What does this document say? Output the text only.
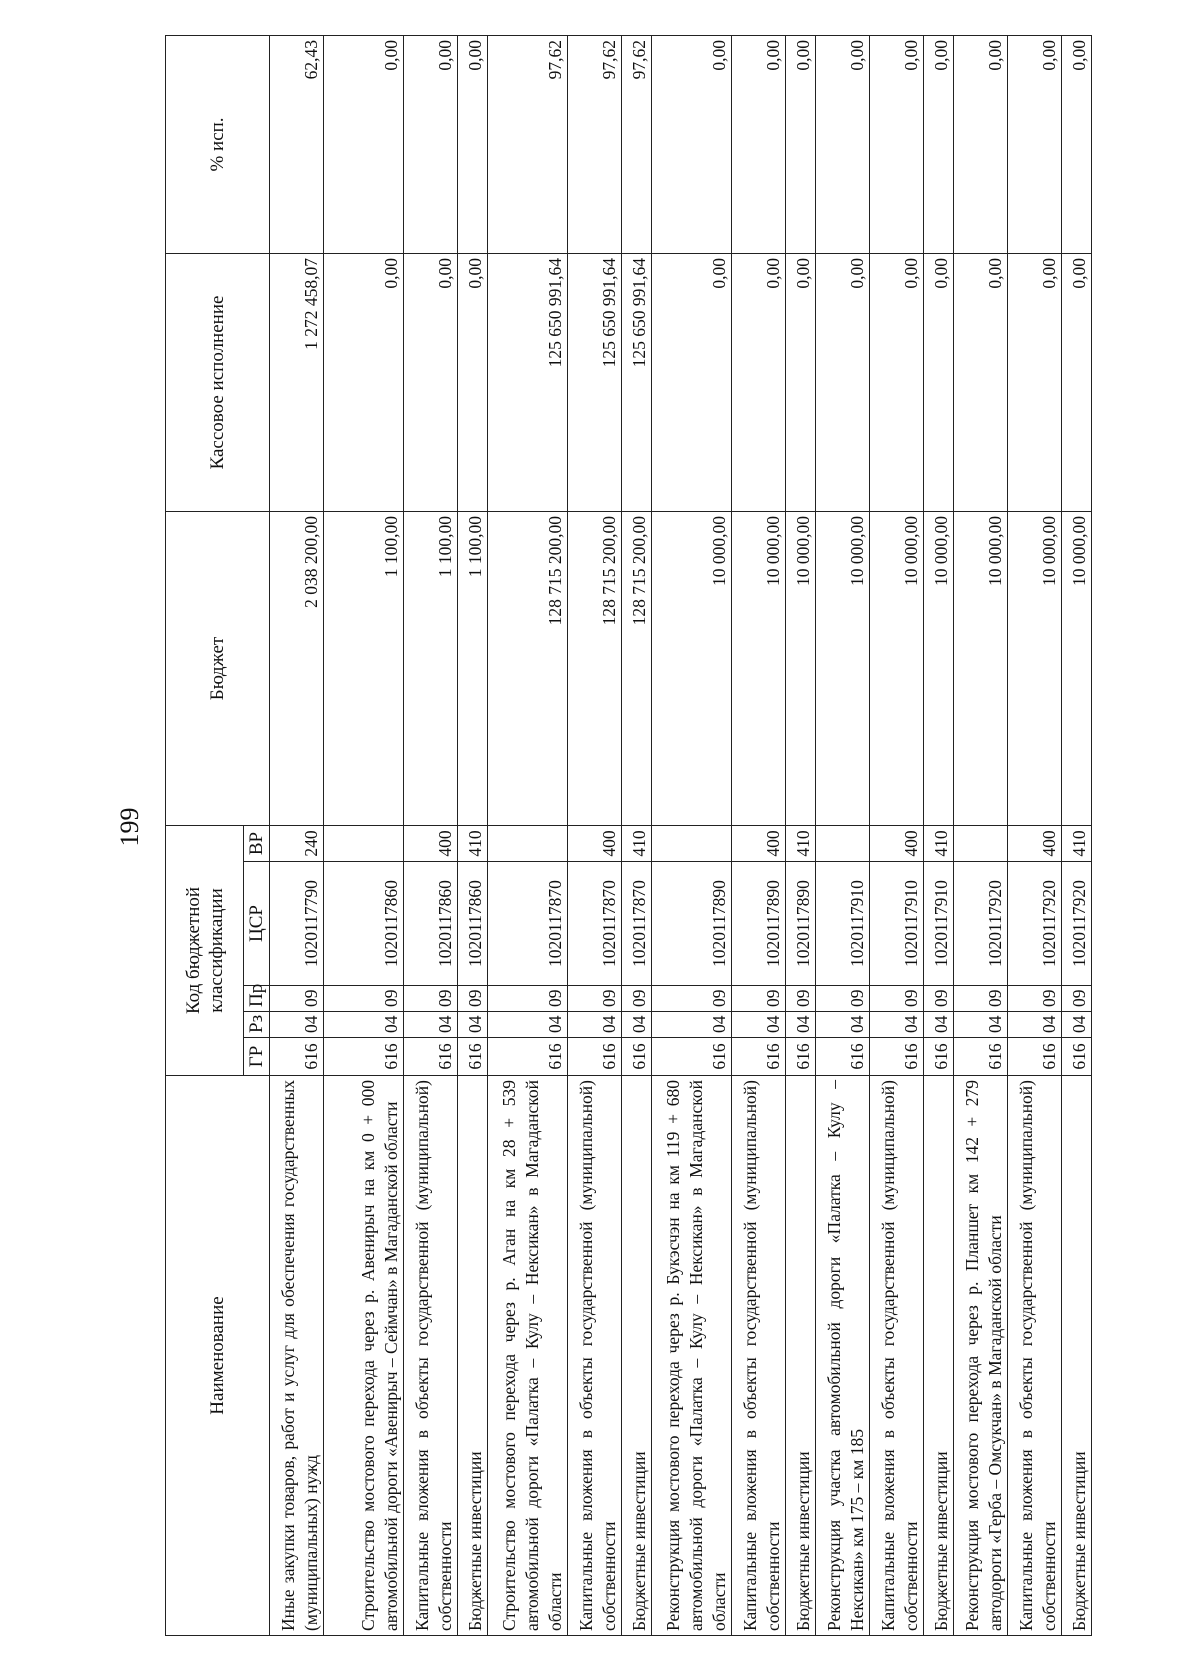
199
Наименование	Код бюджетной классификации					Бюджет	Кассовое исполнение	% исп.

	ГР	Рз	Пр	ЦСР	ВР			
Иные закупки товаров, работ и услуг для обеспечения государственных (муниципальных) нужд	616	04	09	1020117790	240	2 038 200,00	1 272 458,07	62,43
Строительство мостового перехода через р. Авенирыч на км 0 + 000 автомобильной дороги «Авенирыч – Сеймчан» в Магаданской области	616	04	09	1020117860		1 100,00	0,00	0,00
Капитальные вложения в объекты государственной (муниципальной) собственности	616	04	09	1020117860	400	1 100,00	0,00	0,00
Бюджетные инвестиции	616	04	09	1020117860	410	1 100,00	0,00	0,00
Строительство мостового перехода через р. Аган на км 28 + 539 автомобильной дороги «Палатка – Кулу – Нексикан» в Магаданской области	616	04	09	1020117870		128 715 200,00	125 650 991,64	97,62
Капитальные вложения в объекты государственной (муниципальной) собственности	616	04	09	1020117870	400	128 715 200,00	125 650 991,64	97,62
Бюджетные инвестиции	616	04	09	1020117870	410	128 715 200,00	125 650 991,64	97,62
Реконструкция мостового перехода через р. Букэсчэн на км 119 + 680 автомобильной дороги «Палатка – Кулу – Нексикан» в Магаданской области	616	04	09	1020117890		10 000,00	0,00	0,00
Капитальные вложения в объекты государственной (муниципальной) собственности	616	04	09	1020117890	400	10 000,00	0,00	0,00
Бюджетные инвестиции	616	04	09	1020117890	410	10 000,00	0,00	0,00
Реконструкция участка автомобильной дороги «Палатка – Кулу – Нексикан» км 175 – км 185	616	04	09	1020117910		10 000,00	0,00	0,00
Капитальные вложения в объекты государственной (муниципальной) собственности	616	04	09	1020117910	400	10 000,00	0,00	0,00
Бюджетные инвестиции	616	04	09	1020117910	410	10 000,00	0,00	0,00
Реконструкция мостового перехода через р. Планшет км 142 + 279 автодороги «Герба – Омсукчан» в Магаданской области	616	04	09	1020117920		10 000,00	0,00	0,00
Капитальные вложения в объекты государственной (муниципальной) собственности	616	04	09	1020117920	400	10 000,00	0,00	0,00
Бюджетные инвестиции	616	04	09	1020117920	410	10 000,00	0,00	0,00
